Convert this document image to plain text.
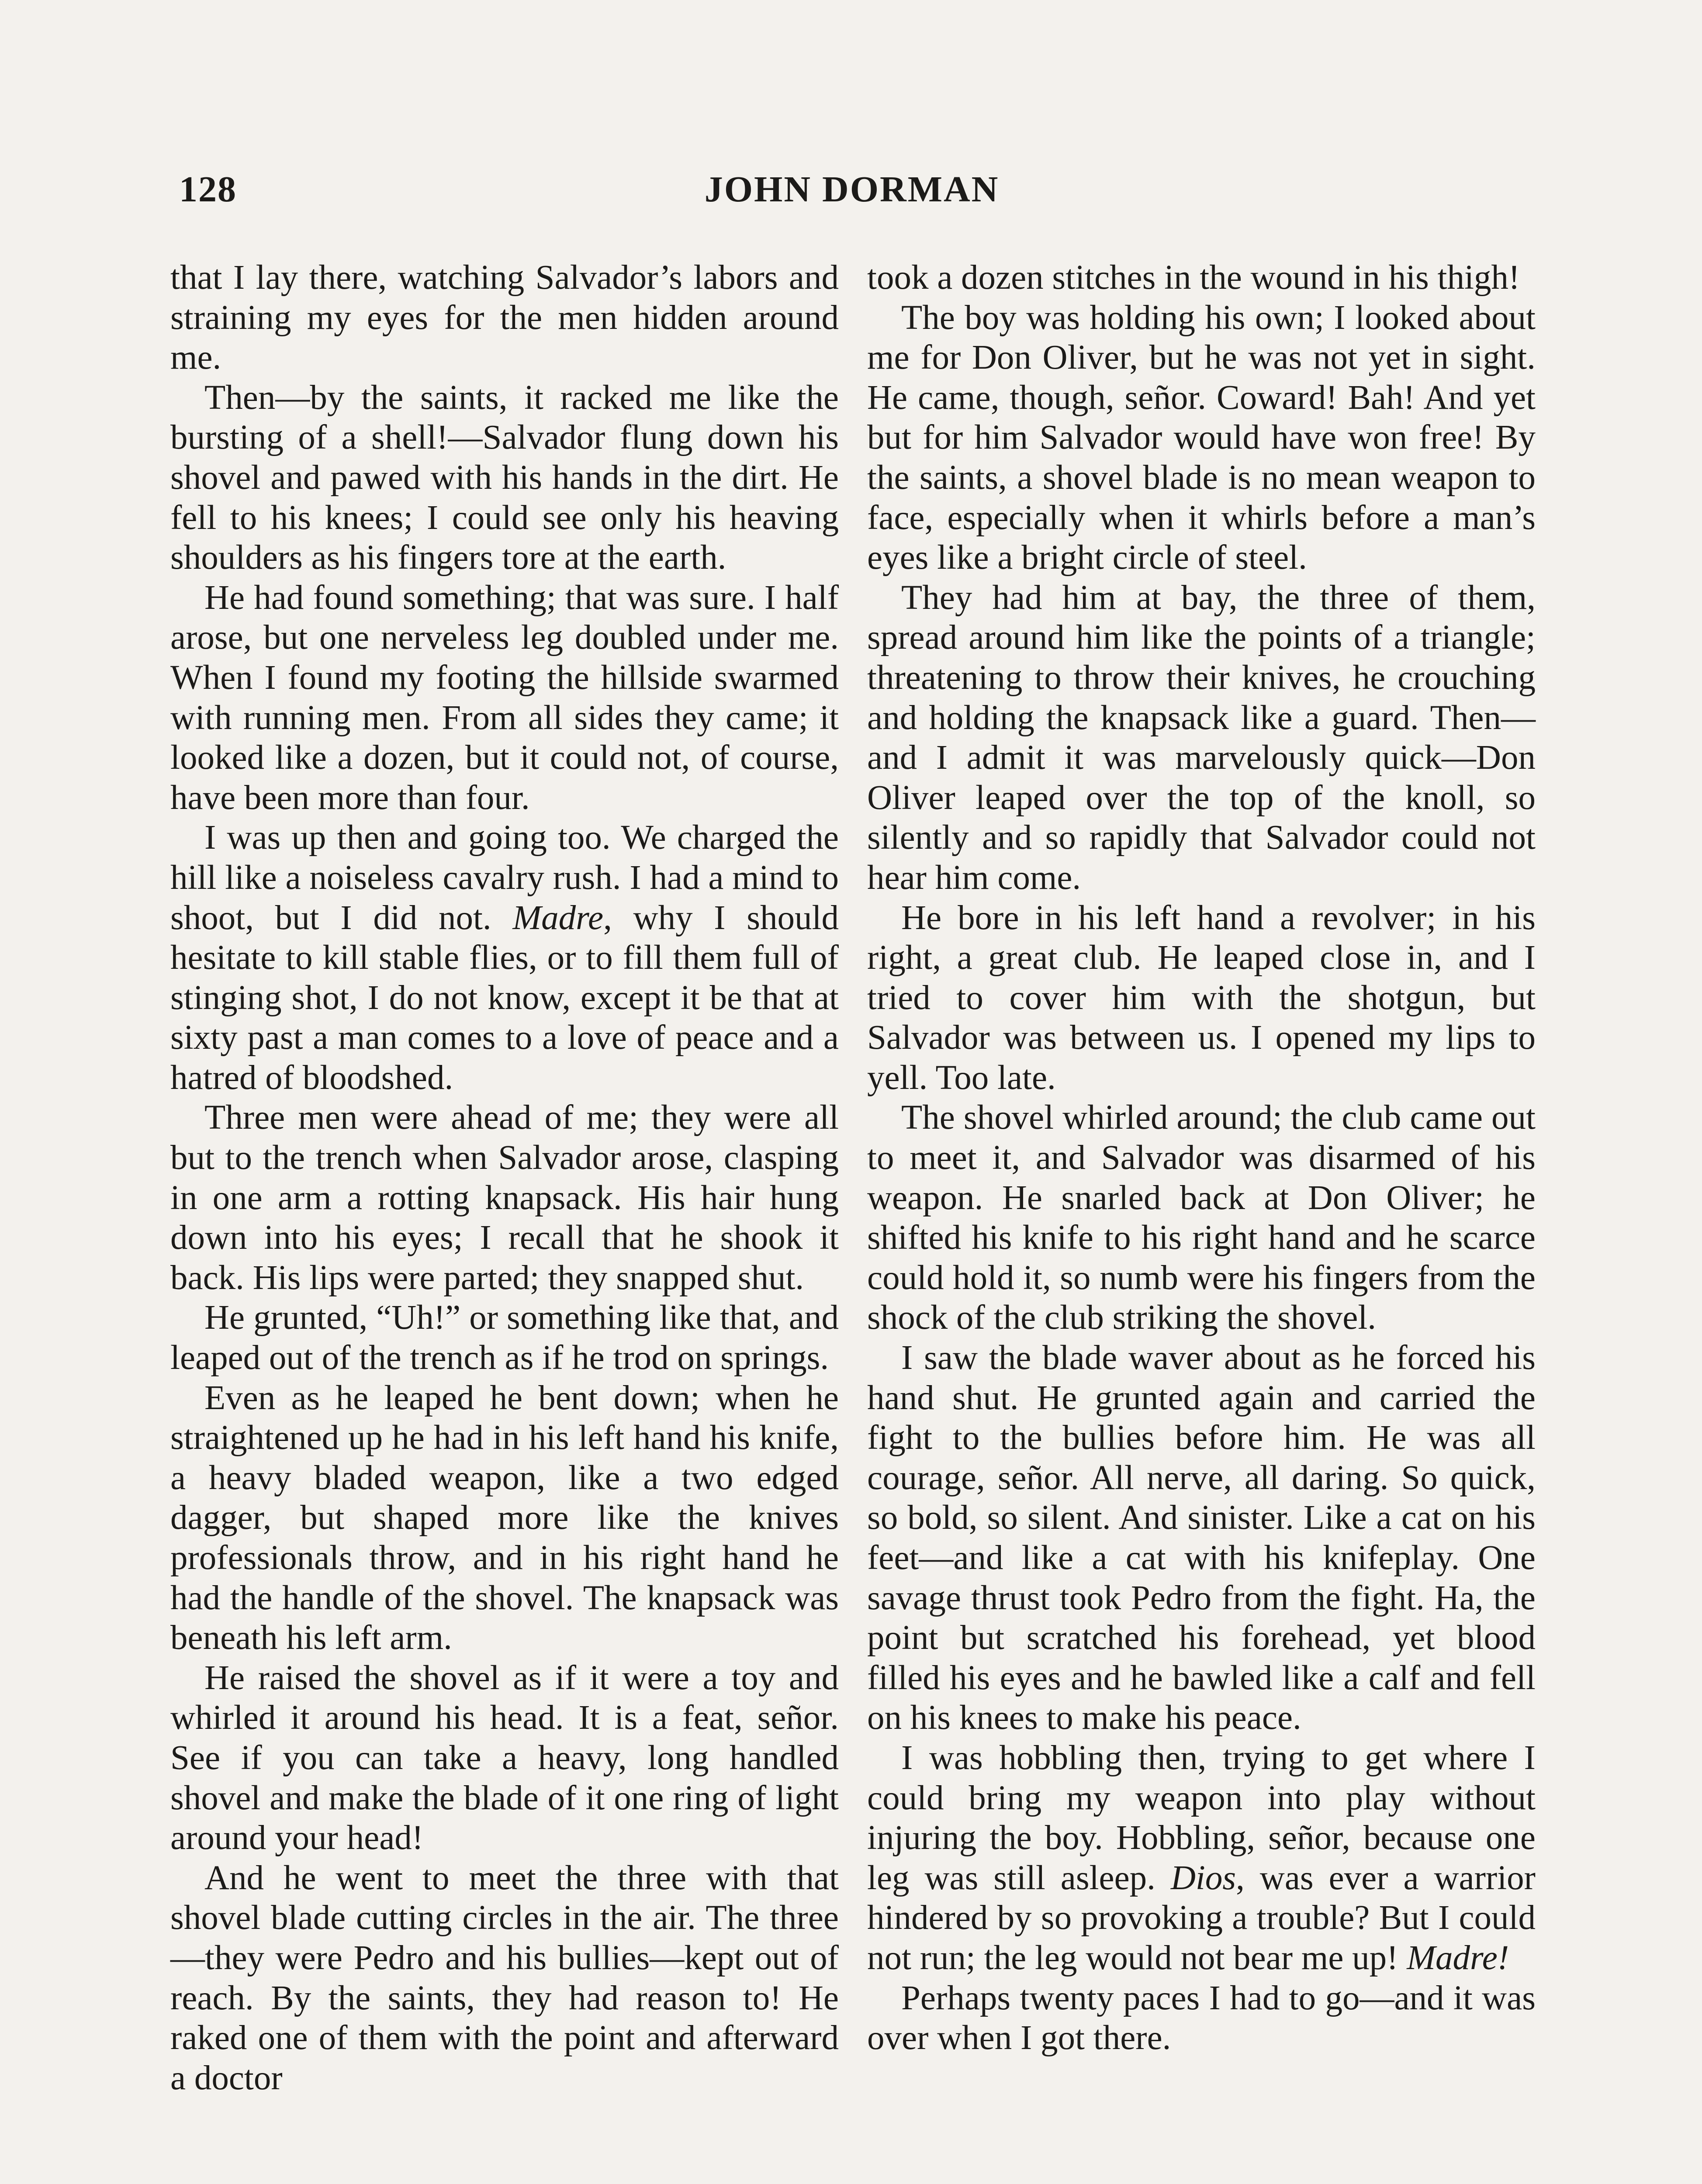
128	JOHN DORMAN

that I lay there, watching Salvador’s labors and straining my eyes for the men hidden around me.

Then—by the saints, it racked me like the bursting of a shell!—Salvador flung down his shovel and pawed with his hands in the dirt. He fell to his knees; I could see only his heaving shoulders as his fingers tore at the earth.

He had found something; that was sure. I half arose, but one nerveless leg doubled under me. When I found my footing the hillside swarmed with running men. From all sides they came; it looked like a dozen, but it could not, of course, have been more than four.

I was up then and going too. We charged the hill like a noiseless cavalry rush. I had a mind to shoot, but I did not. Madre, why I should hesitate to kill stable flies, or to fill them full of stinging shot, I do not know, except it be that at sixty past a man comes to a love of peace and a hatred of bloodshed.

Three men were ahead of me; they were all but to the trench when Salvador arose, clasping in one arm a rotting knapsack. His hair hung down into his eyes; I recall that he shook it back. His lips were parted; they snapped shut.

He grunted, “Uh!” or something like that, and leaped out of the trench as if he trod on springs.

Even as he leaped he bent down; when he straightened up he had in his left hand his knife, a heavy bladed weapon, like a two edged dagger, but shaped more like the knives professionals throw, and in his right hand he had the handle of the shovel. The knapsack was beneath his left arm.

He raised the shovel as if it were a toy and whirled it around his head. It is a feat, señor. See if you can take a heavy, long handled shovel and make the blade of it one ring of light around your head!

And he went to meet the three with that shovel blade cutting circles in the air. The three—they were Pedro and his bullies—kept out of reach. By the saints, they had reason to! He raked one of them with the point and afterward a doctor

took a dozen stitches in the wound in his thigh!

The boy was holding his own; I looked about me for Don Oliver, but he was not yet in sight. He came, though, señor. Coward! Bah! And yet but for him Salvador would have won free! By the saints, a shovel blade is no mean weapon to face, especially when it whirls before a man’s eyes like a bright circle of steel.

They had him at bay, the three of them, spread around him like the points of a triangle; threatening to throw their knives, he crouching and holding the knapsack like a guard. Then—and I admit it was marvelously quick—Don Oliver leaped over the top of the knoll, so silently and so rapidly that Salvador could not hear him come.

He bore in his left hand a revolver; in his right, a great club. He leaped close in, and I tried to cover him with the shotgun, but Salvador was between us. I opened my lips to yell. Too late.

The shovel whirled around; the club came out to meet it, and Salvador was disarmed of his weapon. He snarled back at Don Oliver; he shifted his knife to his right hand and he scarce could hold it, so numb were his fingers from the shock of the club striking the shovel.

I saw the blade waver about as he forced his hand shut. He grunted again and carried the fight to the bullies before him. He was all courage, señor. All nerve, all daring. So quick, so bold, so silent. And sinister. Like a cat on his feet—and like a cat with his knifeplay. One savage thrust took Pedro from the fight. Ha, the point but scratched his forehead, yet blood filled his eyes and he bawled like a calf and fell on his knees to make his peace.

I was hobbling then, trying to get where I could bring my weapon into play without injuring the boy. Hobbling, señor, because one leg was still asleep. Dios, was ever a warrior hindered by so provoking a trouble? But I could not run; the leg would not bear me up! Madre!

Perhaps twenty paces I had to go—and it was over when I got there.
